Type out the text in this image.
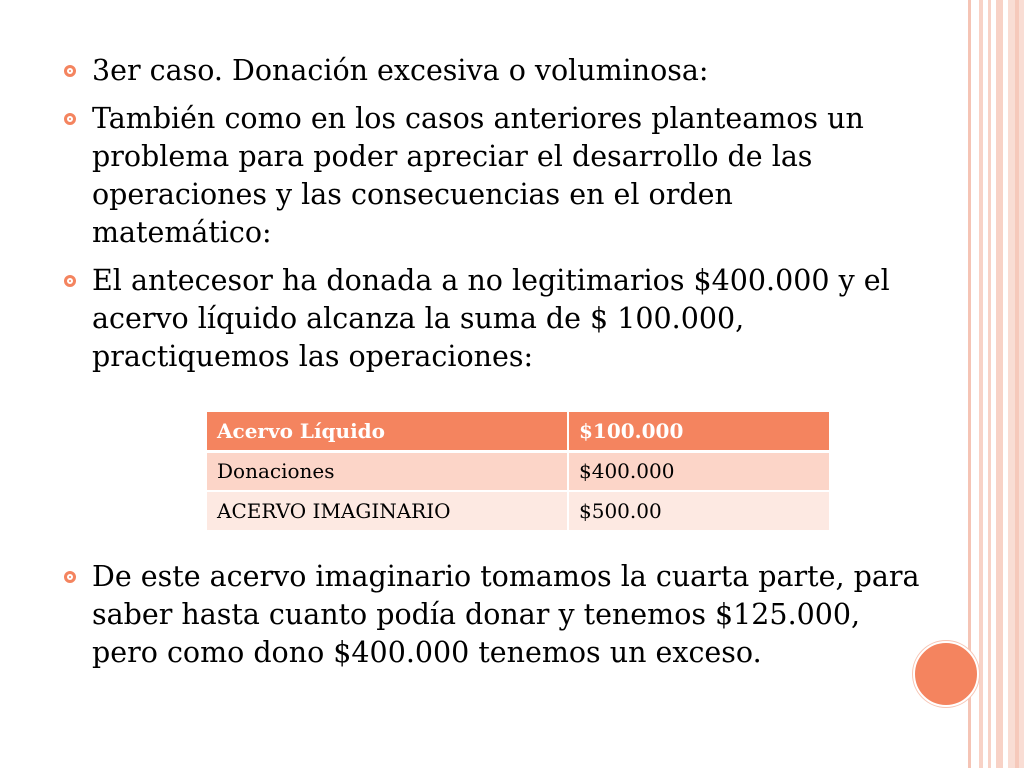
3er caso. Donación excesiva o voluminosa:
También como en los casos anteriores planteamos un problema para poder apreciar el desarrollo de las operaciones y las consecuencias en el orden matemático:
El antecesor ha donada a no legitimarios $400.000 y el acervo líquido alcanza la suma de $ 100.000, practiquemos las operaciones:
Acervo Líquido	$100.000
Donaciones	$400.000
ACERVO IMAGINARIO	$500.00
De este acervo imaginario tomamos la cuarta parte, para saber hasta cuanto podía donar y tenemos $125.000, pero como dono $400.000 tenemos un exceso.
